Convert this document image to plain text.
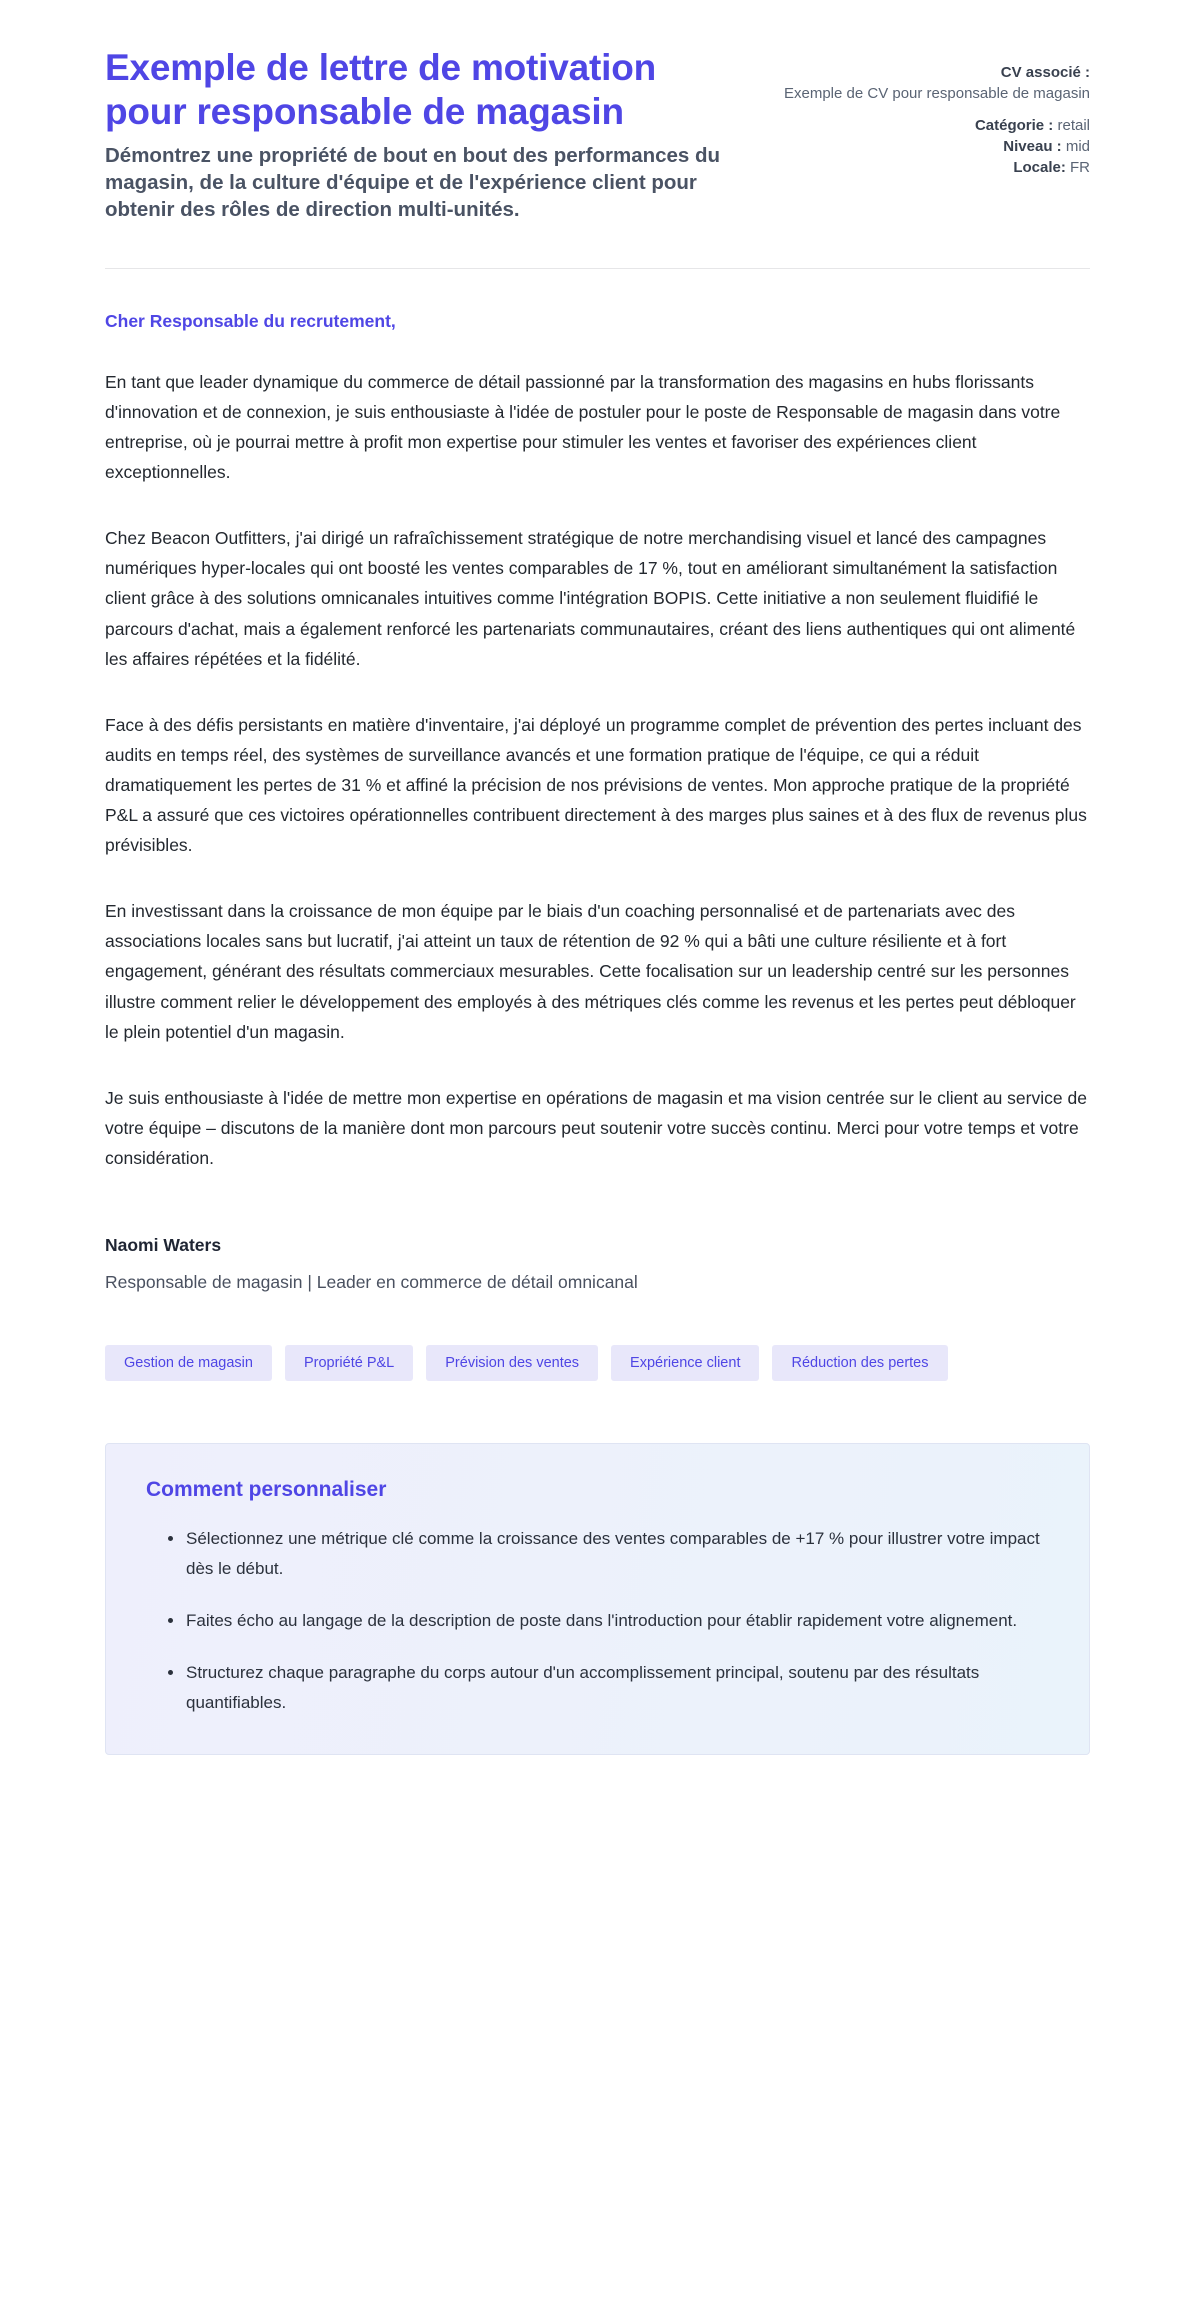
Exemple de lettre de motivation pour responsable de magasin

Démontrez une propriété de bout en bout des performances du magasin, de la culture d'équipe et de l'expérience client pour obtenir des rôles de direction multi-unités.

CV associé :
Exemple de CV pour responsable de magasin
Catégorie : retail
Niveau : mid
Locale: FR

Cher Responsable du recrutement,

En tant que leader dynamique du commerce de détail passionné par la transformation des magasins en hubs florissants d'innovation et de connexion, je suis enthousiaste à l'idée de postuler pour le poste de Responsable de magasin dans votre entreprise, où je pourrai mettre à profit mon expertise pour stimuler les ventes et favoriser des expériences client exceptionnelles.

Chez Beacon Outfitters, j'ai dirigé un rafraîchissement stratégique de notre merchandising visuel et lancé des campagnes numériques hyper-locales qui ont boosté les ventes comparables de 17 %, tout en améliorant simultanément la satisfaction client grâce à des solutions omnicanales intuitives comme l'intégration BOPIS. Cette initiative a non seulement fluidifié le parcours d'achat, mais a également renforcé les partenariats communautaires, créant des liens authentiques qui ont alimenté les affaires répétées et la fidélité.

Face à des défis persistants en matière d'inventaire, j'ai déployé un programme complet de prévention des pertes incluant des audits en temps réel, des systèmes de surveillance avancés et une formation pratique de l'équipe, ce qui a réduit dramatiquement les pertes de 31 % et affiné la précision de nos prévisions de ventes. Mon approche pratique de la propriété P&L a assuré que ces victoires opérationnelles contribuent directement à des marges plus saines et à des flux de revenus plus prévisibles.

En investissant dans la croissance de mon équipe par le biais d'un coaching personnalisé et de partenariats avec des associations locales sans but lucratif, j'ai atteint un taux de rétention de 92 % qui a bâti une culture résiliente et à fort engagement, générant des résultats commerciaux mesurables. Cette focalisation sur un leadership centré sur les personnes illustre comment relier le développement des employés à des métriques clés comme les revenus et les pertes peut débloquer le plein potentiel d'un magasin.

Je suis enthousiaste à l'idée de mettre mon expertise en opérations de magasin et ma vision centrée sur le client au service de votre équipe – discutons de la manière dont mon parcours peut soutenir votre succès continu. Merci pour votre temps et votre considération.

Naomi Waters

Responsable de magasin | Leader en commerce de détail omnicanal

Gestion de magasin	Propriété P&L	Prévision des ventes	Expérience client	Réduction des pertes
Comment personnaliser
Sélectionnez une métrique clé comme la croissance des ventes comparables de +17 % pour illustrer votre impact dès le début.
Faites écho au langage de la description de poste dans l'introduction pour établir rapidement votre alignement.
Structurez chaque paragraphe du corps autour d'un accomplissement principal, soutenu par des résultats quantifiables.
